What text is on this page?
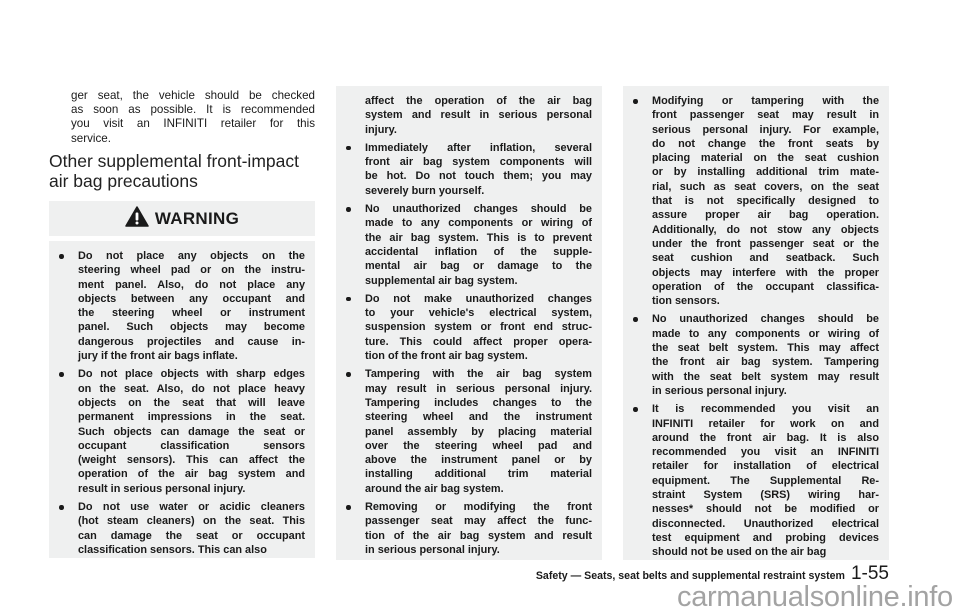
ger seat, the vehicle should be checked
as soon as possible. It is recommended
you visit an INFINITI retailer for this
service.
Other supplemental front-impact
air bag precautions
WARNING
Do not place any objects on the
steering wheel pad or on the instru-
ment panel. Also, do not place any
objects between any occupant and
the steering wheel or instrument
panel. Such objects may become
dangerous projectiles and cause in-
jury if the front air bags inflate.
Do not place objects with sharp edges
on the seat. Also, do not place heavy
objects on the seat that will leave
permanent impressions in the seat.
Such objects can damage the seat or
occupant classification sensors
(weight sensors). This can affect the
operation of the air bag system and
result in serious personal injury.
Do not use water or acidic cleaners
(hot steam cleaners) on the seat. This
can damage the seat or occupant
classification sensors. This can also
affect the operation of the air bag
system and result in serious personal
injury.
Immediately after inflation, several
front air bag system components will
be hot. Do not touch them; you may
severely burn yourself.
No unauthorized changes should be
made to any components or wiring of
the air bag system. This is to prevent
accidental inflation of the supple-
mental air bag or damage to the
supplemental air bag system.
Do not make unauthorized changes
to your vehicle's electrical system,
suspension system or front end struc-
ture. This could affect proper opera-
tion of the front air bag system.
Tampering with the air bag system
may result in serious personal injury.
Tampering includes changes to the
steering wheel and the instrument
panel assembly by placing material
over the steering wheel pad and
above the instrument panel or by
installing additional trim material
around the air bag system.
Removing or modifying the front
passenger seat may affect the func-
tion of the air bag system and result
in serious personal injury.
Modifying or tampering with the
front passenger seat may result in
serious personal injury. For example,
do not change the front seats by
placing material on the seat cushion
or by installing additional trim mate-
rial, such as seat covers, on the seat
that is not specifically designed to
assure proper air bag operation.
Additionally, do not stow any objects
under the front passenger seat or the
seat cushion and seatback. Such
objects may interfere with the proper
operation of the occupant classifica-
tion sensors.
No unauthorized changes should be
made to any components or wiring of
the seat belt system. This may affect
the front air bag system. Tampering
with the seat belt system may result
in serious personal injury.
It is recommended you visit an
INFINITI retailer for work on and
around the front air bag. It is also
recommended you visit an INFINITI
retailer for installation of electrical
equipment. The Supplemental Re-
straint System (SRS) wiring har-
nesses* should not be modified or
disconnected. Unauthorized electrical
test equipment and probing devices
should not be used on the air bag
Safety — Seats, seat belts and supplemental restraint system 1-55
carmanualsonline.info
